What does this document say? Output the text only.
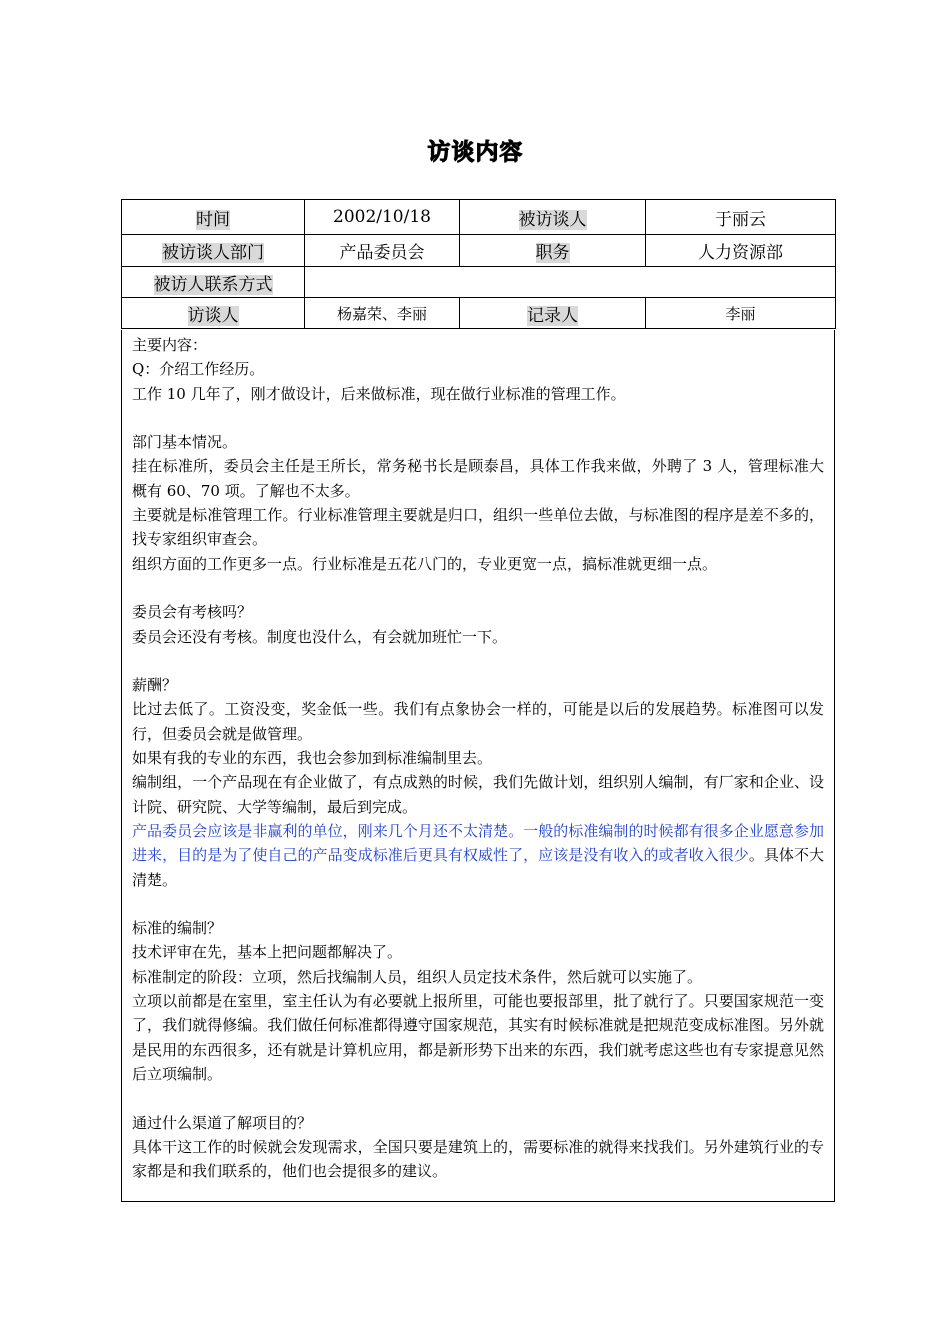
访谈内容
时间	2002/10/18	被访谈人	于丽云
被访谈人部门	产品委员会	职务	人力资源部
被访人联系方式			
访谈人	杨嘉荣、李丽	记录人	李丽

主要内容：

Q：介绍工作经历。

工作 10 几年了，刚才做设计，后来做标准，现在做行业标准的管理工作。

部门基本情况。

挂在标准所，委员会主任是王所长，常务秘书长是顾泰昌，具体工作我来做，外聘了 3 人，管理标准大概有 60、70 项。了解也不太多。

主要就是标准管理工作。行业标准管理主要就是归口，组织一些单位去做，与标准图的程序是差不多的，找专家组织审查会。

组织方面的工作更多一点。行业标准是五花八门的，专业更宽一点，搞标准就更细一点。

委员会有考核吗？

委员会还没有考核。制度也没什么，有会就加班忙一下。

薪酬？

比过去低了。工资没变，奖金低一些。我们有点象协会一样的，可能是以后的发展趋势。标准图可以发行，但委员会就是做管理。

如果有我的专业的东西，我也会参加到标准编制里去。

编制组，一个产品现在有企业做了，有点成熟的时候，我们先做计划，组织别人编制，有厂家和企业、设计院、研究院、大学等编制，最后到完成。

产品委员会应该是非赢利的单位，刚来几个月还不太清楚。一般的标准编制的时候都有很多企业愿意参加进来，目的是为了使自己的产品变成标准后更具有权威性了，应该是没有收入的或者收入很少。具体不大清楚。

标准的编制？

技术评审在先，基本上把问题都解决了。

标准制定的阶段：立项，然后找编制人员，组织人员定技术条件，然后就可以实施了。

立项以前都是在室里，室主任认为有必要就上报所里，可能也要报部里，批了就行了。只要国家规范一变了，我们就得修编。我们做任何标准都得遵守国家规范，其实有时候标准就是把规范变成标准图。另外就是民用的东西很多，还有就是计算机应用，都是新形势下出来的东西，我们就考虑这些也有专家提意见然后立项编制。

通过什么渠道了解项目的？

具体干这工作的时候就会发现需求，全国只要是建筑上的，需要标准的就得来找我们。另外建筑行业的专家都是和我们联系的，他们也会提很多的建议。
